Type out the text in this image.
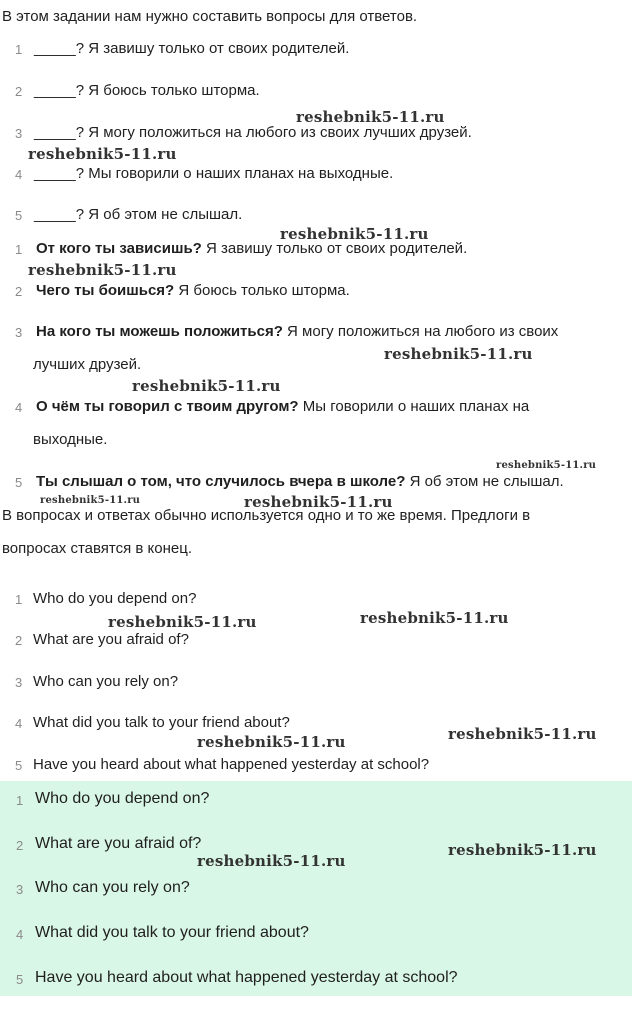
В этом задании нам нужно составить вопросы для ответов.
1 _____? Я завишу только от своих родителей.
2 _____? Я боюсь только шторма.
3 _____? Я могу положиться на любого из своих лучших друзей.
4 _____? Мы говорили о наших планах на выходные.
5 _____? Я об этом не слышал.
1 От кого ты зависишь? Я завишу только от своих родителей.
2 Чего ты боишься? Я боюсь только шторма.
3 На кого ты можешь положиться? Я могу положиться на любого из своих
лучших друзей.
4 О чём ты говорил с твоим другом? Мы говорили о наших планах на
выходные.
5 Ты слышал о том, что случилось вчера в школе? Я об этом не слышал.
В вопросах и ответах обычно используется одно и то же время. Предлоги в
вопросах ставятся в конец.
1 Who do you depend on?
2 What are you afraid of?
3 Who can you rely on?
4 What did you talk to your friend about?
5 Have you heard about what happened yesterday at school?
1 Who do you depend on?
2 What are you afraid of?
3 Who can you rely on?
4 What did you talk to your friend about?
5 Have you heard about what happened yesterday at school?
reshebnik5-11.ru
reshebnik5-11.ru
reshebnik5-11.ru
reshebnik5-11.ru
reshebnik5-11.ru
reshebnik5-11.ru
reshebnik5-11.ru
reshebnik5-11.ru	reshebnik5-11.ru
reshebnik5-11.ru	reshebnik5-11.ru
reshebnik5-11.ru	reshebnik5-11.ru
reshebnik5-11.ru
reshebnik5-11.ru
